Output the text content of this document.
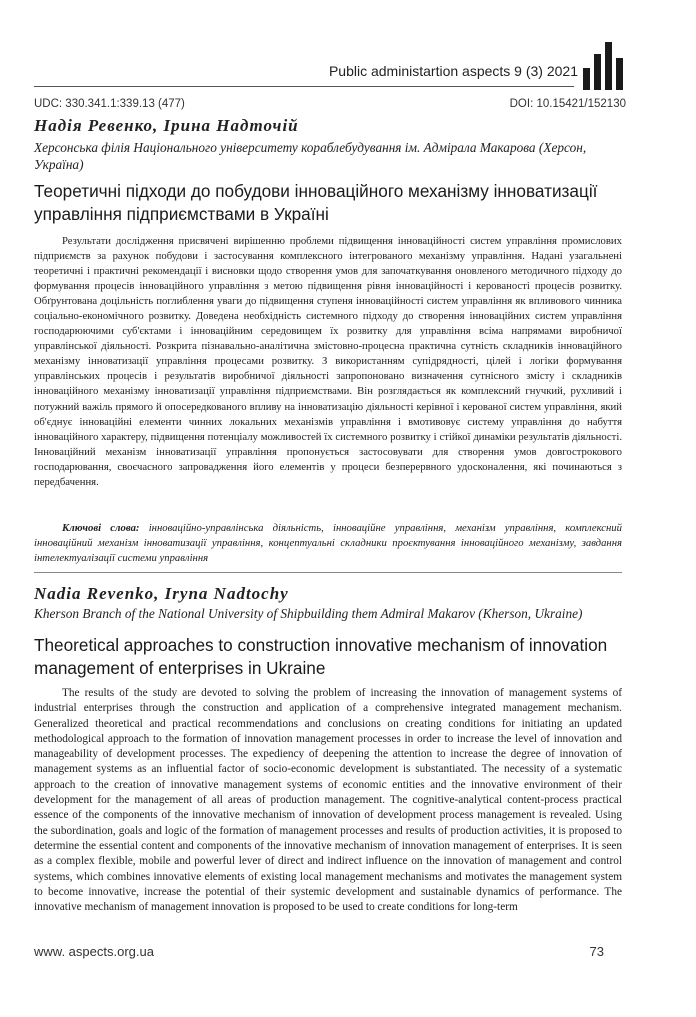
Public administartion aspects 9 (3) 2021
UDC: 330.341.1:339.13 (477)	DOI: 10.15421/152130
Надія Ревенко, Ірина Надточій
Херсонська філія Національного університету кораблебудування ім. Адмірала Макарова (Херсон, Україна)
Теоретичні підходи до побудови інноваційного механізму інноватизації управління підприємствами в Україні
Результати дослідження присвячені вирішенню проблеми підвищення інноваційності систем управління промислових підприємств за рахунок побудови і застосування комплексного інтегрованого механізму управління. Надані узагальнені теоретичні і практичні рекомендації і висновки щодо створення умов для започаткування оновленого методичного підходу до формування процесів інноваційного управління з метою підвищення рівня інноваційності і керованості процесів розвитку. Обґрунтована доцільність поглиблення уваги до підвищення ступеня інноваційності систем управління як впливового чинника соціально-економічного розвитку. Доведена необхідність системного підходу до створення інноваційних систем управління господарюючими суб'єктами і інноваційним середовищем їх розвитку для управління всіма напрямами виробничої управлінської діяльності. Розкрита пізнавально-аналітична змістовно-процесна практична сутність складників інноваційного механізму інноватизації управління процесами розвитку. З використанням супідрядності, цілей і логіки формування управлінських процесів і результатів виробничої діяльності запропоновано визначення сутнісного змісту і складників інноваційного механізму інноватизації управління підприємствами. Він розглядається як комплексний гнучкий, рухливий і потужний важіль прямого й опосередкованого впливу на інноватизацію діяльності керівної і керованої систем управління, який об'єднує інноваційні елементи чинних локальних механізмів управління і вмотивовує систему управління до набуття інноваційного характеру, підвищення потенціалу можливостей їх системного розвитку і стійкої динаміки результатів діяльності. Інноваційний механізм інноватизації управління пропонується застосовувати для створення умов довгострокового господарювання, своєчасного запровадження його елементів у процеси безперервного удосконалення, які починаються з передбачення.
Ключові слова: інноваційно-управлінська діяльність, інноваційне управління, механізм управління, комплексний інноваційний механізм інноватизації управління, концептуальні складники проєктування інноваційного механізму, завдання інтелектуалізації системи управління
Nadia Revenko, Iryna Nadtochy
Kherson Branch of the National University of Shipbuilding them Admiral Makarov (Kherson, Ukraine)
Theoretical approaches to construction innovative mechanism of innovation management of enterprises in Ukraine
The results of the study are devoted to solving the problem of increasing the innovation of management systems of industrial enterprises through the construction and application of a comprehensive integrated management mechanism. Generalized theoretical and practical recommendations and conclusions on creating conditions for initiating an updated methodological approach to the formation of innovation management processes in order to increase the level of innovation and manageability of development processes. The expediency of deepening the attention to increase the degree of innovation of management systems as an influential factor of socio-economic development is substantiated. The necessity of a systematic approach to the creation of innovative management systems of economic entities and the innovative environment of their development for the management of all areas of production management. The cognitive-analytical content-process practical essence of the components of the innovative mechanism of innovation of development process management is revealed. Using the subordination, goals and logic of the formation of management processes and results of production activities, it is proposed to determine the essential content and components of the innovative mechanism of innovation management of enterprises. It is seen as a complex flexible, mobile and powerful lever of direct and indirect influence on the innovation of management and control systems, which combines innovative elements of existing local management mechanisms and motivates the management system to become innovative, increase the potential of their systemic development and sustainable dynamics of performance. The innovative mechanism of management innovation is proposed to be used to create conditions for long-term
www. aspects.org.ua	73
